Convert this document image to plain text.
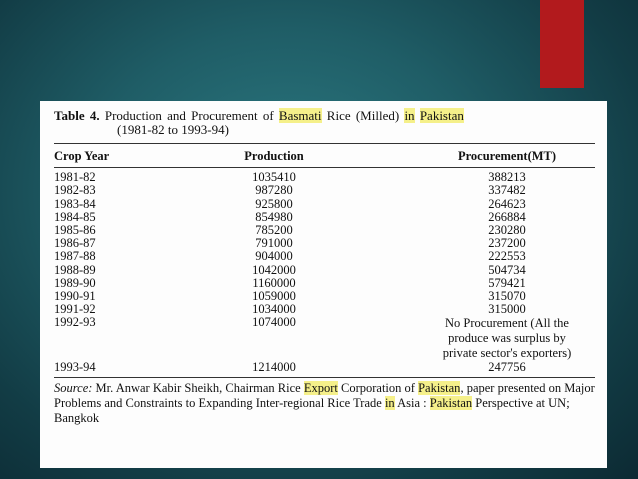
Table 4. Production and Procurement of Basmati Rice (Milled) in Pakistan
(1981-82 to 1993-94)
Crop Year	Production	Procurement(MT)
1981-82	1035410	388213
1982-83	987280	337482
1983-84	925800	264623
1984-85	854980	266884
1985-86	785200	230280
1986-87	791000	237200
1987-88	904000	222553
1988-89	1042000	504734
1989-90	1160000	579421
1990-91	1059000	315070
1991-92	1034000	315000
1992-93	1074000	No Procurement (All the
produce was surplus by
private sector's exporters)
1993-94	1214000	247756
Source: Mr. Anwar Kabir Sheikh, Chairman Rice Export Corporation of Pakistan, paper presented on Major Problems and Constraints to Expanding Inter-regional Rice Trade in Asia : Pakistan Perspective at UN; Bangkok
